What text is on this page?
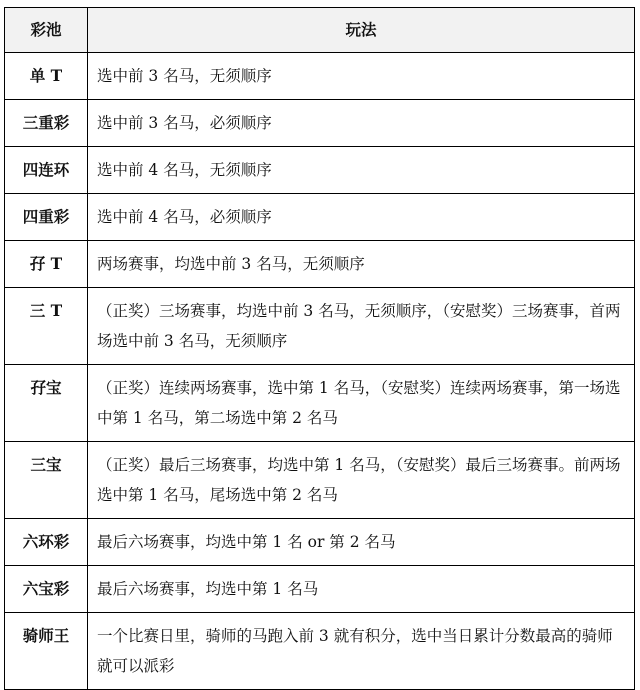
彩池	玩法

单 T	选中前 3 名马，无须顺序

三重彩	选中前 3 名马，必须顺序

四连环	选中前 4 名马，无须顺序

四重彩	选中前 4 名马，必须顺序

孖 T	两场赛事，均选中前 3 名马，无须顺序

三 T	（正奖）三场赛事，均选中前 3 名马，无须顺序，（安慰奖）三场赛事，首两场选中前 3 名马，无须顺序

孖宝	（正奖）连续两场赛事，选中第 1 名马，（安慰奖）连续两场赛事，第一场选中第 1 名马，第二场选中第 2 名马

三宝	（正奖）最后三场赛事，均选中第 1 名马，（安慰奖）最后三场赛事。前两场选中第 1 名马，尾场选中第 2 名马

六环彩	最后六场赛事，均选中第 1 名 or 第 2 名马

六宝彩	最后六场赛事，均选中第 1 名马

骑师王	一个比赛日里，骑师的马跑入前 3 就有积分，选中当日累计分数最高的骑师就可以派彩
